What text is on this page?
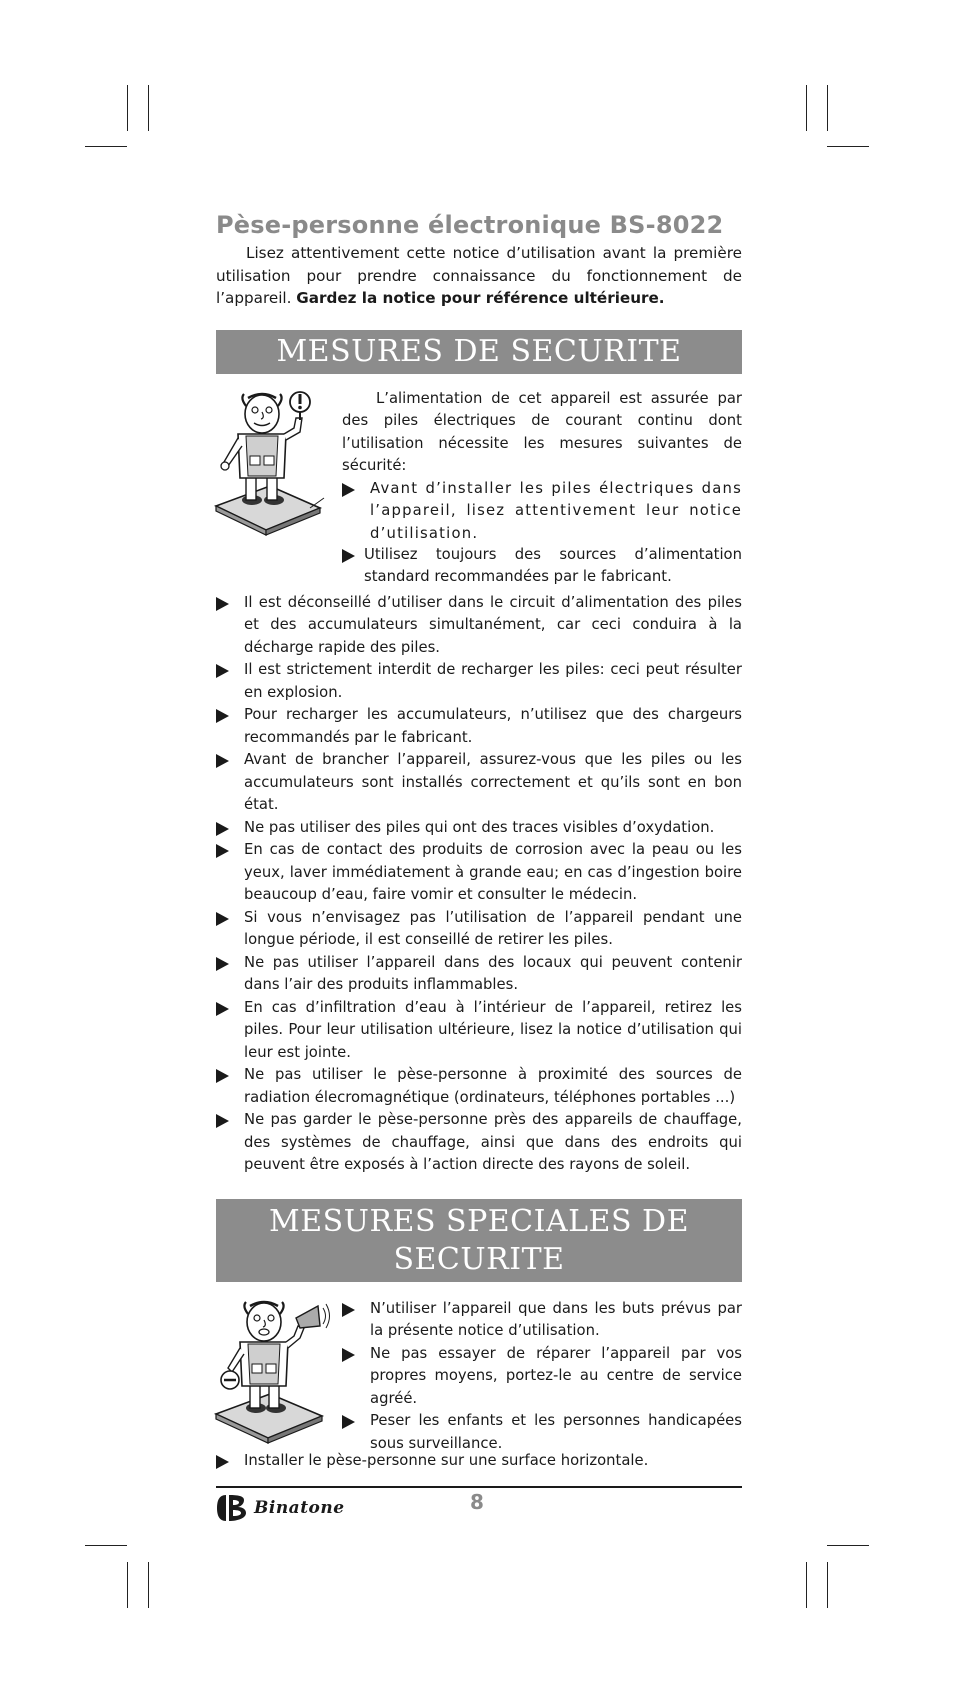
Pèse-personne électronique BS-8022

Lisez attentivement cette notice d’utilisation avant la première utilisation pour prendre connaissance du fonctionnement de l’appareil. Gardez la notice pour référence ultérieure.

MESURES DE SECURITE

L’alimentation de cet appareil est assurée par des piles électriques de courant continu dont l’utilisation nécessite les mesures suivantes de sécurité:

Avant d’installer les piles électriques dans l’appareil, lisez attentivement leur notice d’utilisation.

Utilisez toujours des sources d’alimentation standard recommandées par le fabricant.

Il est déconseillé d’utiliser dans le circuit d’alimentation des piles et des accumulateurs simultanément, car ceci conduira à la décharge rapide des piles.
Il est strictement interdit de recharger les piles: ceci peut résulter en explosion.
Pour recharger les accumulateurs, n’utilisez que des chargeurs recommandés par le fabricant.
Avant de brancher l’appareil, assurez-vous que les piles ou les accumulateurs sont installés correctement et qu’ils sont en bon état.
Ne pas utiliser des piles qui ont des traces visibles d’oxydation.
En cas de contact des produits de corrosion avec la peau ou les yeux, laver immédiatement à grande eau; en cas d’ingestion boire beaucoup d’eau, faire vomir et consulter le médecin.
Si vous n’envisagez pas l’utilisation de l’appareil pendant une longue période, il est conseillé de retirer les piles.
Ne pas utiliser l’appareil dans des locaux qui peuvent contenir dans l’air des produits inflammables.
En cas d’infiltration d’eau à l’intérieur de l’appareil, retirez les piles. Pour leur utilisation ultérieure, lisez la notice d’utilisation qui leur est jointe.
Ne pas utiliser le pèse-personne à proximité des sources de radiation élecromagnétique (ordinateurs, téléphones portables ...)
Ne pas garder le pèse-personne près des appareils de chauffage, des systèmes de chauffage, ainsi que dans des endroits qui peuvent être exposés à l’action directe des rayons de soleil.
MESURES SPECIALES DE
SECURITE
N’utiliser l’appareil que dans les buts prévus par la présente notice d’utilisation.
Ne pas essayer de réparer l’appareil par vos propres moyens, portez-le au centre de service agréé.
Peser les enfants et les personnes handicapées sous surveillance.
Installer le pèse-personne sur une surface horizontale.
Binatone	8
